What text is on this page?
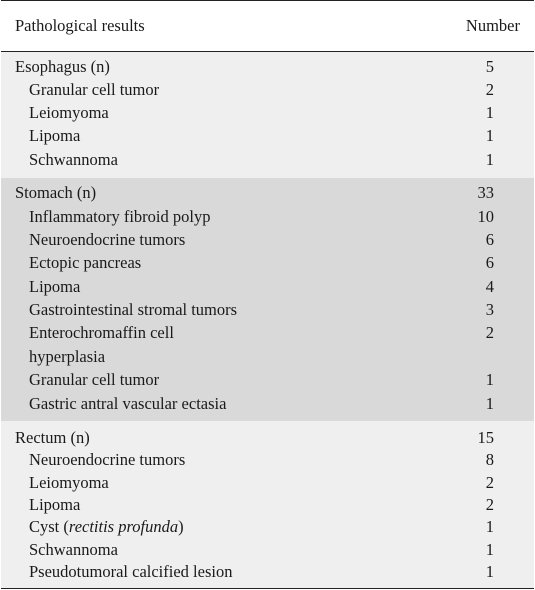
Pathological results	Number
Esophagus (n)	5
Granular cell tumor	2
Leiomyoma	1
Lipoma	1
Schwannoma	1
Stomach (n)	33
Inflammatory fibroid polyp	10
Neuroendocrine tumors	6
Ectopic pancreas	6
Lipoma	4
Gastrointestinal stromal tumors	3
Enterochromaffin cell	2
hyperplasia
Granular cell tumor	1
Gastric antral vascular ectasia	1
Rectum (n)	15
Neuroendocrine tumors	8
Leiomyoma	2
Lipoma	2
Cyst (rectitis profunda)	1
Schwannoma	1
Pseudotumoral calcified lesion	1
